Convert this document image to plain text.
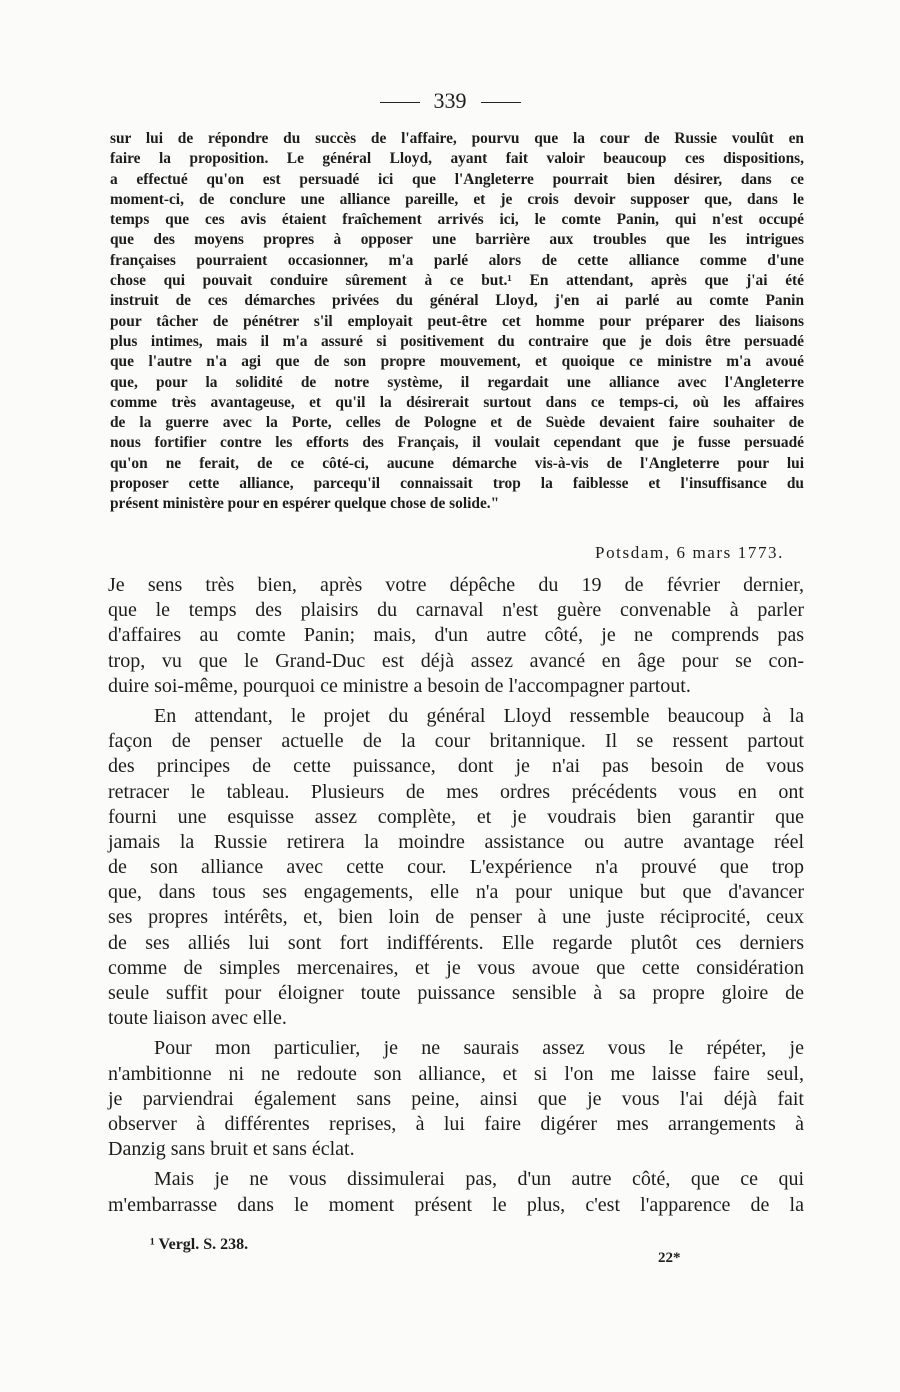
339
sur lui de répondre du succès de l'affaire, pourvu que la cour de Russie voulût en
faire la proposition. Le général Lloyd, ayant fait valoir beaucoup ces dispositions,
a effectué qu'on est persuadé ici que l'Angleterre pourrait bien désirer, dans ce
moment-ci, de conclure une alliance pareille, et je crois devoir supposer que, dans le
temps que ces avis étaient fraîchement arrivés ici, le comte Panin, qui n'est occupé
que des moyens propres à opposer une barrière aux troubles que les intrigues
françaises pourraient occasionner, m'a parlé alors de cette alliance comme d'une
chose qui pouvait conduire sûrement à ce but.¹ En attendant, après que j'ai été
instruit de ces démarches privées du général Lloyd, j'en ai parlé au comte Panin
pour tâcher de pénétrer s'il employait peut-être cet homme pour préparer des liaisons
plus intimes, mais il m'a assuré si positivement du contraire que je dois être persuadé
que l'autre n'a agi que de son propre mouvement, et quoique ce ministre m'a avoué
que, pour la solidité de notre système, il regardait une alliance avec l'Angleterre
comme très avantageuse, et qu'il la désirerait surtout dans ce temps-ci, où les affaires
de la guerre avec la Porte, celles de Pologne et de Suède devaient faire souhaiter de
nous fortifier contre les efforts des Français, il voulait cependant que je fusse persuadé
qu'on ne ferait, de ce côté-ci, aucune démarche vis-à-vis de l'Angleterre pour lui
proposer cette alliance, parcequ'il connaissait trop la faiblesse et l'insuffisance du
présent ministère pour en espérer quelque chose de solide."
Potsdam, 6 mars 1773.
Je sens très bien, après votre dépêche du 19 de février dernier,
que le temps des plaisirs du carnaval n'est guère convenable à parler
d'affaires au comte Panin; mais, d'un autre côté, je ne comprends pas
trop, vu que le Grand-Duc est déjà assez avancé en âge pour se con-
duire soi-même, pourquoi ce ministre a besoin de l'accompagner partout.
En attendant, le projet du général Lloyd ressemble beaucoup à la
façon de penser actuelle de la cour britannique. Il se ressent partout
des principes de cette puissance, dont je n'ai pas besoin de vous
retracer le tableau. Plusieurs de mes ordres précédents vous en ont
fourni une esquisse assez complète, et je voudrais bien garantir que
jamais la Russie retirera la moindre assistance ou autre avantage réel
de son alliance avec cette cour. L'expérience n'a prouvé que trop
que, dans tous ses engagements, elle n'a pour unique but que d'avancer
ses propres intérêts, et, bien loin de penser à une juste réciprocité, ceux
de ses alliés lui sont fort indifférents. Elle regarde plutôt ces derniers
comme de simples mercenaires, et je vous avoue que cette considération
seule suffit pour éloigner toute puissance sensible à sa propre gloire de
toute liaison avec elle.
Pour mon particulier, je ne saurais assez vous le répéter, je
n'ambitionne ni ne redoute son alliance, et si l'on me laisse faire seul,
je parviendrai également sans peine, ainsi que je vous l'ai déjà fait
observer à différentes reprises, à lui faire digérer mes arrangements à
Danzig sans bruit et sans éclat.
Mais je ne vous dissimulerai pas, d'un autre côté, que ce qui
m'embarrasse dans le moment présent le plus, c'est l'apparence de la
¹ Vergl. S. 238.
22*
